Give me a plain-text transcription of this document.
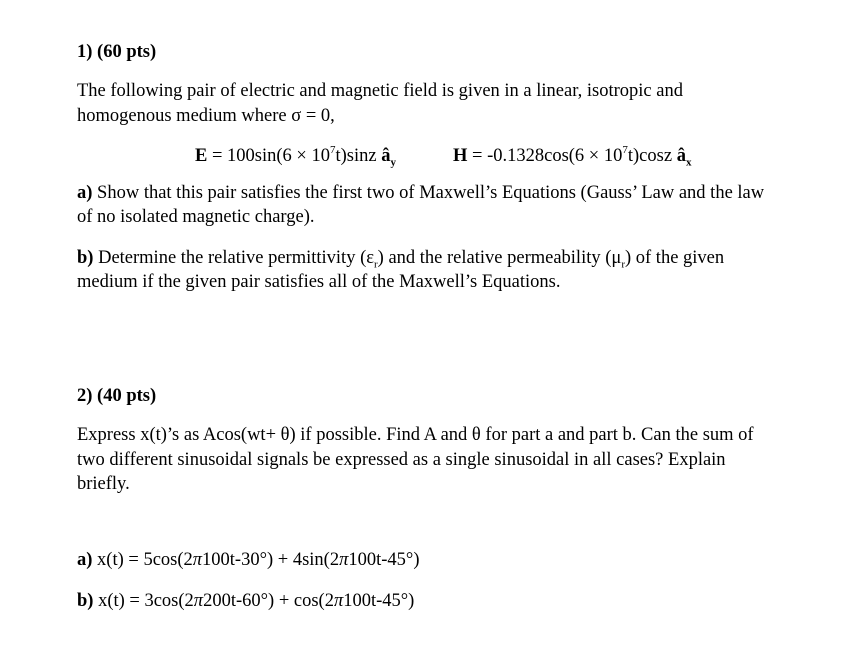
1) (60 pts)
The following pair of electric and magnetic field is given in a linear, isotropic and
homogenous medium where σ = 0,
$E = 100\sin(6 \times 10^7t)\sin z$ $â_y$	$H = -0.1328\cos(6 \times 10^7t)\cos z$ $â_x$
a) Show that this pair satisfies the first two of Maxwell’s Equations (Gauss’ Law and the law
of no isolated magnetic charge).
b) Determine the relative permittivity $(\varepsilon_r)$ and the relative permeability $(\mu_r)$ of the given
medium if the given pair satisfies all of the Maxwell’s Equations.
2) (40 pts)
Express x(t)’s as Acos(wt+ θ) if possible. Find A and θ for part a and part b. Can the sum of
two different sinusoidal signals be expressed as a single sinusoidal in all cases? Explain
briefly.
a) x(t) = 5cos(2π100t-30°) + 4sin(2π100t-45°)
b) x(t) = 3cos(2π200t-60°) + cos(2π100t-45°)
